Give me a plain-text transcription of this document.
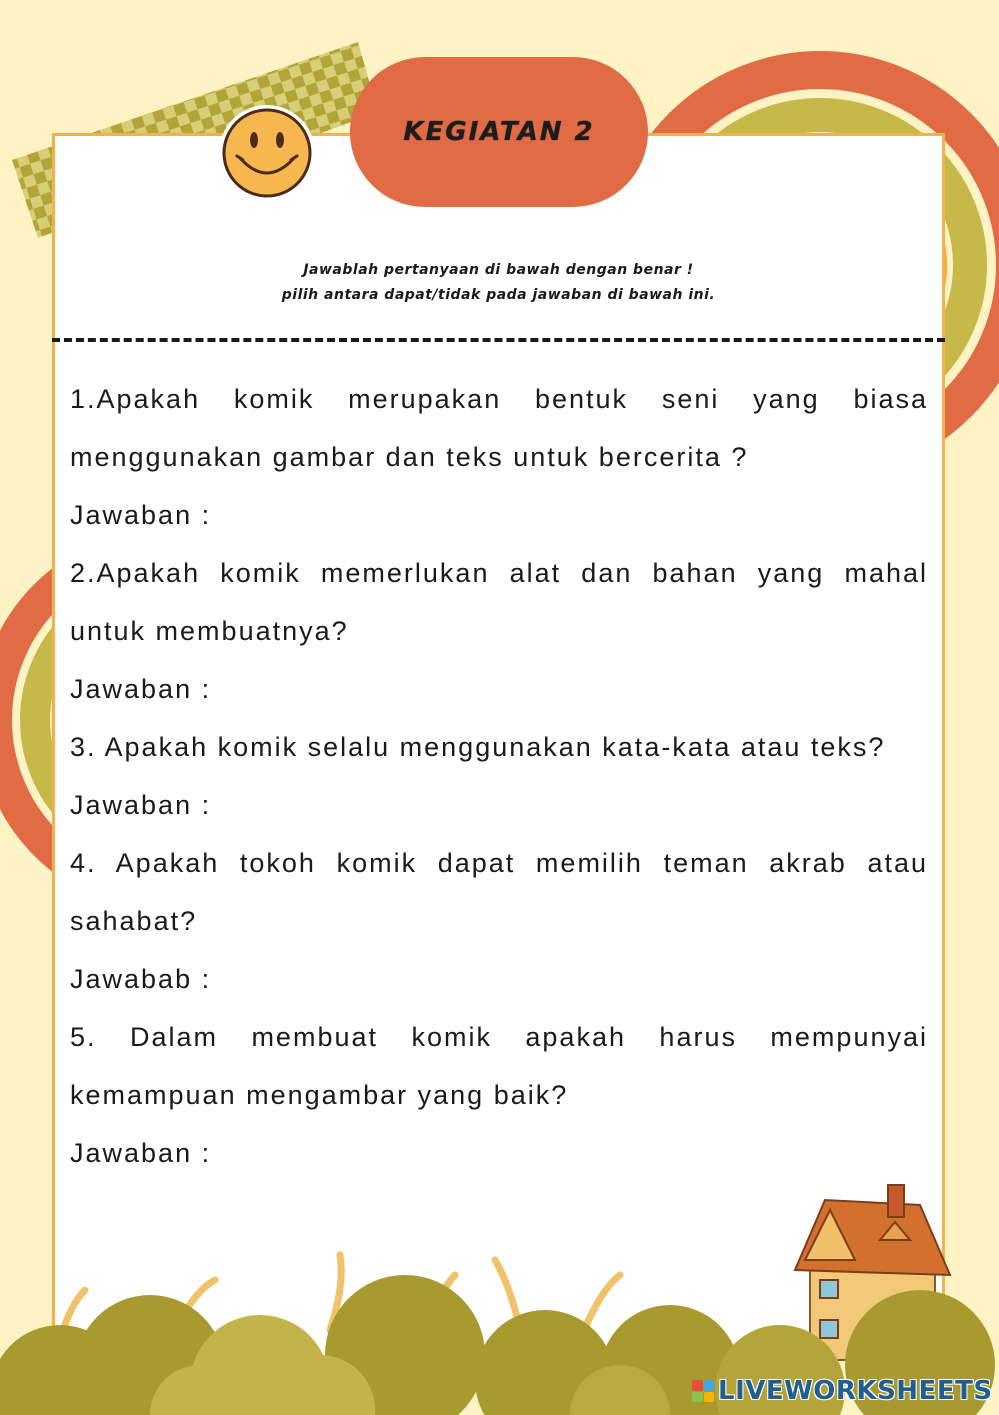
KEGIATAN 2
Jawablah pertanyaan di bawah dengan benar !
pilih antara dapat/tidak pada jawaban di bawah ini.

1.Apakah komik merupakan bentuk seni yang biasa menggunakan gambar dan teks untuk bercerita ?

Jawaban :

2.Apakah komik memerlukan alat dan bahan yang mahal untuk membuatnya?

Jawaban :

3. Apakah komik selalu menggunakan kata-kata atau teks?

Jawaban :

4. Apakah tokoh komik dapat memilih teman akrab atau sahabat?

Jawabab :

5. Dalam membuat komik apakah harus mempunyai kemampuan mengambar yang baik?

Jawaban :

LIVEWORKSHEETS
